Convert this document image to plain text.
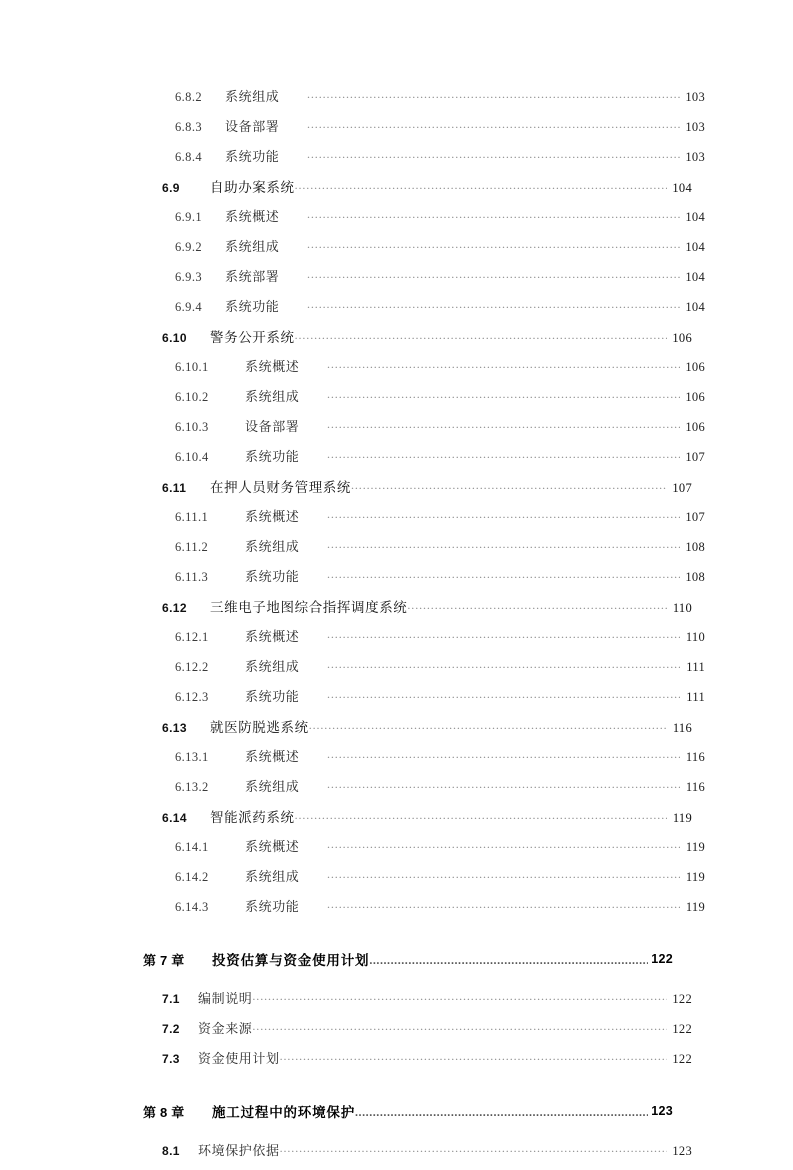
6.8.2	系统组成 .....	103
6.8.3	设备部署 .....	103
6.8.4	系统功能 .....	103
6.9	自助办案系统 .....	104
6.9.1	系统概述 .....	104
6.9.2	系统组成 .....	104
6.9.3	系统部署 .....	104
6.9.4	系统功能 .....	104
6.10	警务公开系统 .....	106
6.10.1	系统概述 .....	106
6.10.2	系统组成 .....	106
6.10.3	设备部署 .....	106
6.10.4	系统功能 .....	107
6.11	在押人员财务管理系统 .....	107
6.11.1	系统概述 .....	107
6.11.2	系统组成 .....	108
6.11.3	系统功能 .....	108
6.12	三维电子地图综合指挥调度系统 .....	110
6.12.1	系统概述 .....	110
6.12.2	系统组成 .....	111
6.12.3	系统功能 .....	111
6.13	就医防脱逃系统 .....	116
6.13.1	系统概述 .....	116
6.13.2	系统组成 .....	116
6.14	智能派药系统 .....	119
6.14.1	系统概述 .....	119
6.14.2	系统组成 .....	119
6.14.3	系统功能 .....	119
第 7 章	投资估算与资金使用计划 .....	122
7.1	编制说明 .....	122
7.2	资金来源 .....	122
7.3	资金使用计划 .....	122
第 8 章	施工过程中的环境保护 .....	123
8.1	环境保护依据 .....	123
